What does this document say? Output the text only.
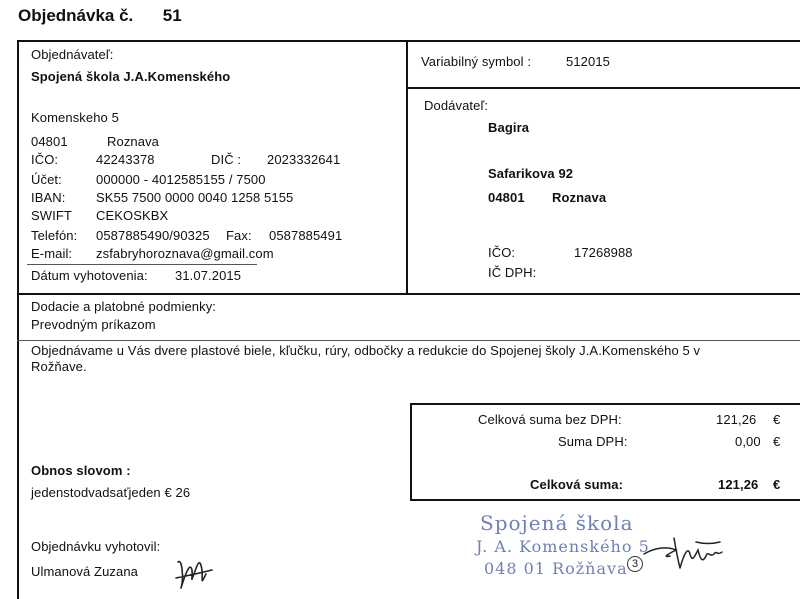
Objednávka č. 51
Objednávateľ:
Spojená škola J.A.Komenského
Komenskeho 5
04801	Roznava
IČO:	42243378	DIČ : 2023332641
Účet:	000000 - 4012585155 / 7500
IBAN: SK55 7500 0000 0040 1258 5155
SWIFT CEKOSKBX
Telefón: 0587885490/90325 Fax: 0587885491
E-mail: zsfabryhoroznava@gmail.com
Dátum vyhotovenia: 31.07.2015
Variabilný symbol :	512015
Dodávateľ:
Bagira
Safarikova 92
04801 Roznava
IČO:	17268988
IČ DPH:
Dodacie a platobné podmienky:
Prevodným príkazom
Objednávame u Vás dvere plastové biele, kľučku, rúry, odbočky a redukcie do Spojenej školy J.A.Komenského 5 v
Rožňave.
Celková suma bez DPH:	121,26 €
Suma DPH:	0,00 €
Celková suma:	121,26 €
Obnos slovom :
jedenstodvadsaťjeden € 26
Objednávku vyhotovil:
Ulmanová Zuzana
Spojená škola
J. A. Komenského 5
048 01 Rožňava 3
